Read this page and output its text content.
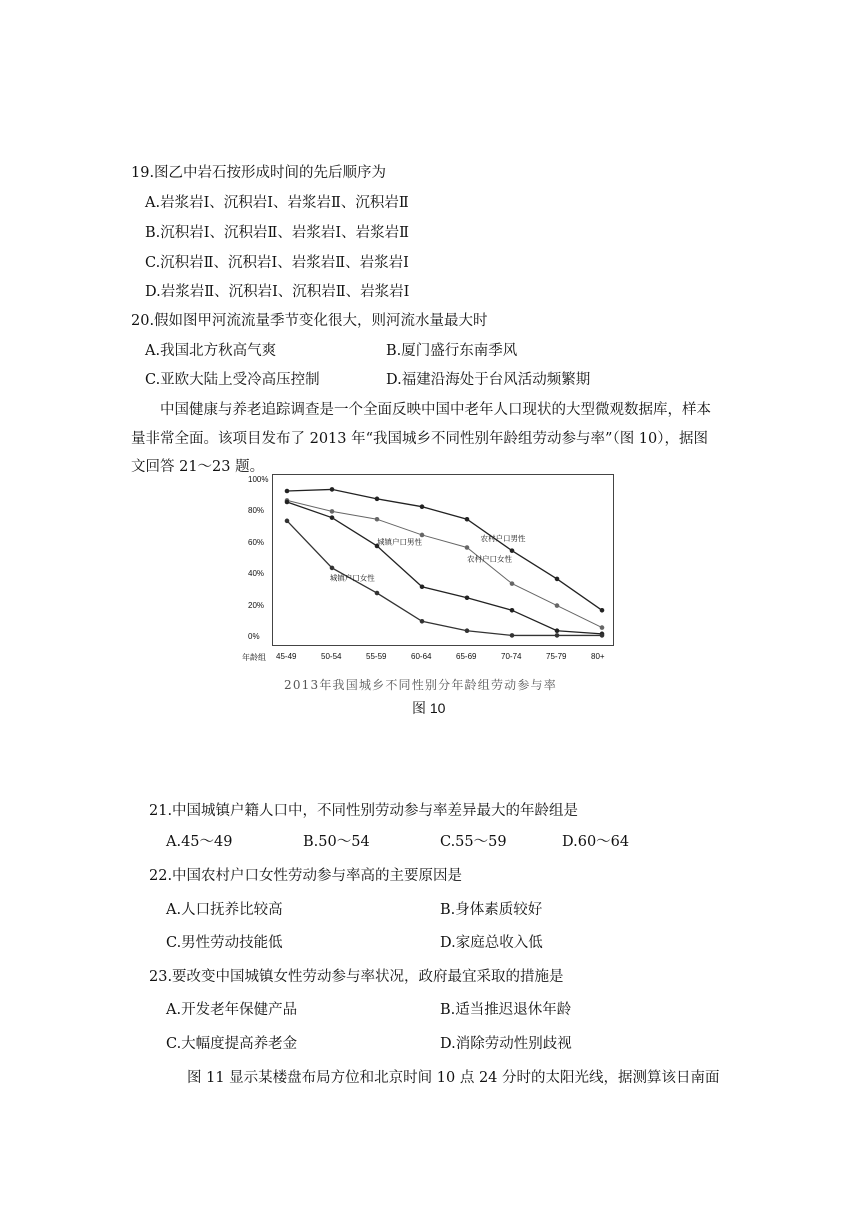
19.图乙中岩石按形成时间的先后顺序为
A.岩浆岩Ⅰ、沉积岩Ⅰ、岩浆岩Ⅱ、沉积岩Ⅱ
B.沉积岩Ⅰ、沉积岩Ⅱ、岩浆岩Ⅰ、岩浆岩Ⅱ
C.沉积岩Ⅱ、沉积岩Ⅰ、岩浆岩Ⅱ、岩浆岩Ⅰ
D.岩浆岩Ⅱ、沉积岩Ⅰ、沉积岩Ⅱ、岩浆岩Ⅰ
20.假如图甲河流流量季节变化很大，则河流水量最大时
A.我国北方秋高气爽	B.厦门盛行东南季风
C.亚欧大陆上受冷高压控制	D.福建沿海处于台风活动频繁期
中国健康与养老追踪调查是一个全面反映中国中老年人口现状的大型微观数据库，样本
量非常全面。该项目发布了 2013 年“我国城乡不同性别年龄组劳动参与率”（图 10），据图
文回答 21～23 题。
0%
20%
40%
60%
80%
100%
45-49	50-54	55-59	60-64	65-69	70-74	75-79	80+
年龄组
农村户口男性
农村户口女性
城镇户口男性
城镇户口女性
2013年我国城乡不同性别分年龄组劳动参与率
图 10
21.中国城镇户籍人口中，不同性别劳动参与率差异最大的年龄组是
A.45～49	B.50～54	C.55～59	D.60～64
22.中国农村户口女性劳动参与率高的主要原因是
A.人口抚养比较高	B.身体素质较好
C.男性劳动技能低	D.家庭总收入低
23.要改变中国城镇女性劳动参与率状况，政府最宜采取的措施是
A.开发老年保健产品	B.适当推迟退休年龄
C.大幅度提高养老金	D.消除劳动性别歧视
图 11 显示某楼盘布局方位和北京时间 10 点 24 分时的太阳光线，据测算该日南面
